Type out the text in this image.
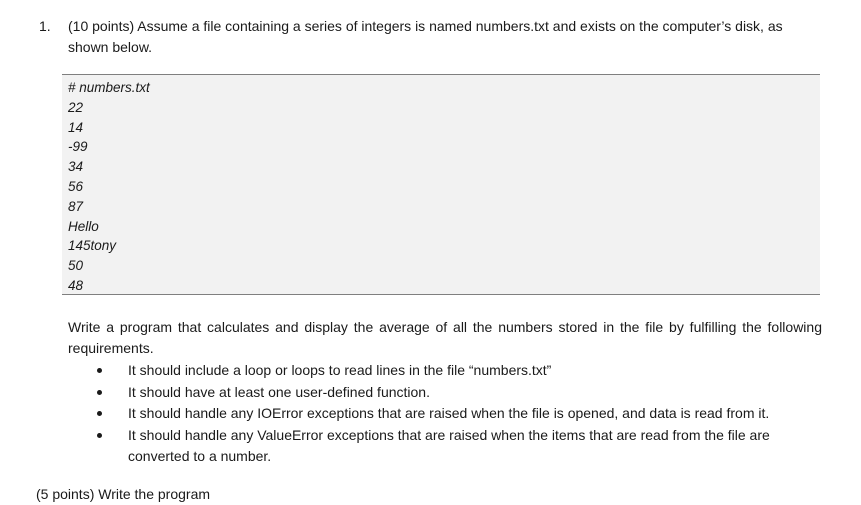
1. (10 points) Assume a file containing a series of integers is named numbers.txt and exists on the computer’s disk, as shown below.
# numbers.txt
22
14
-99
34
56
87
Hello
145tony
50
48
Write a program that calculates and display the average of all the numbers stored in the file by fulfilling the following requirements.
It should include a loop or loops to read lines in the file “numbers.txt”
It should have at least one user-defined function.
It should handle any IOError exceptions that are raised when the file is opened, and data is read from it.
It should handle any ValueError exceptions that are raised when the items that are read from the file are converted to a number.
(5 points) Write the program
